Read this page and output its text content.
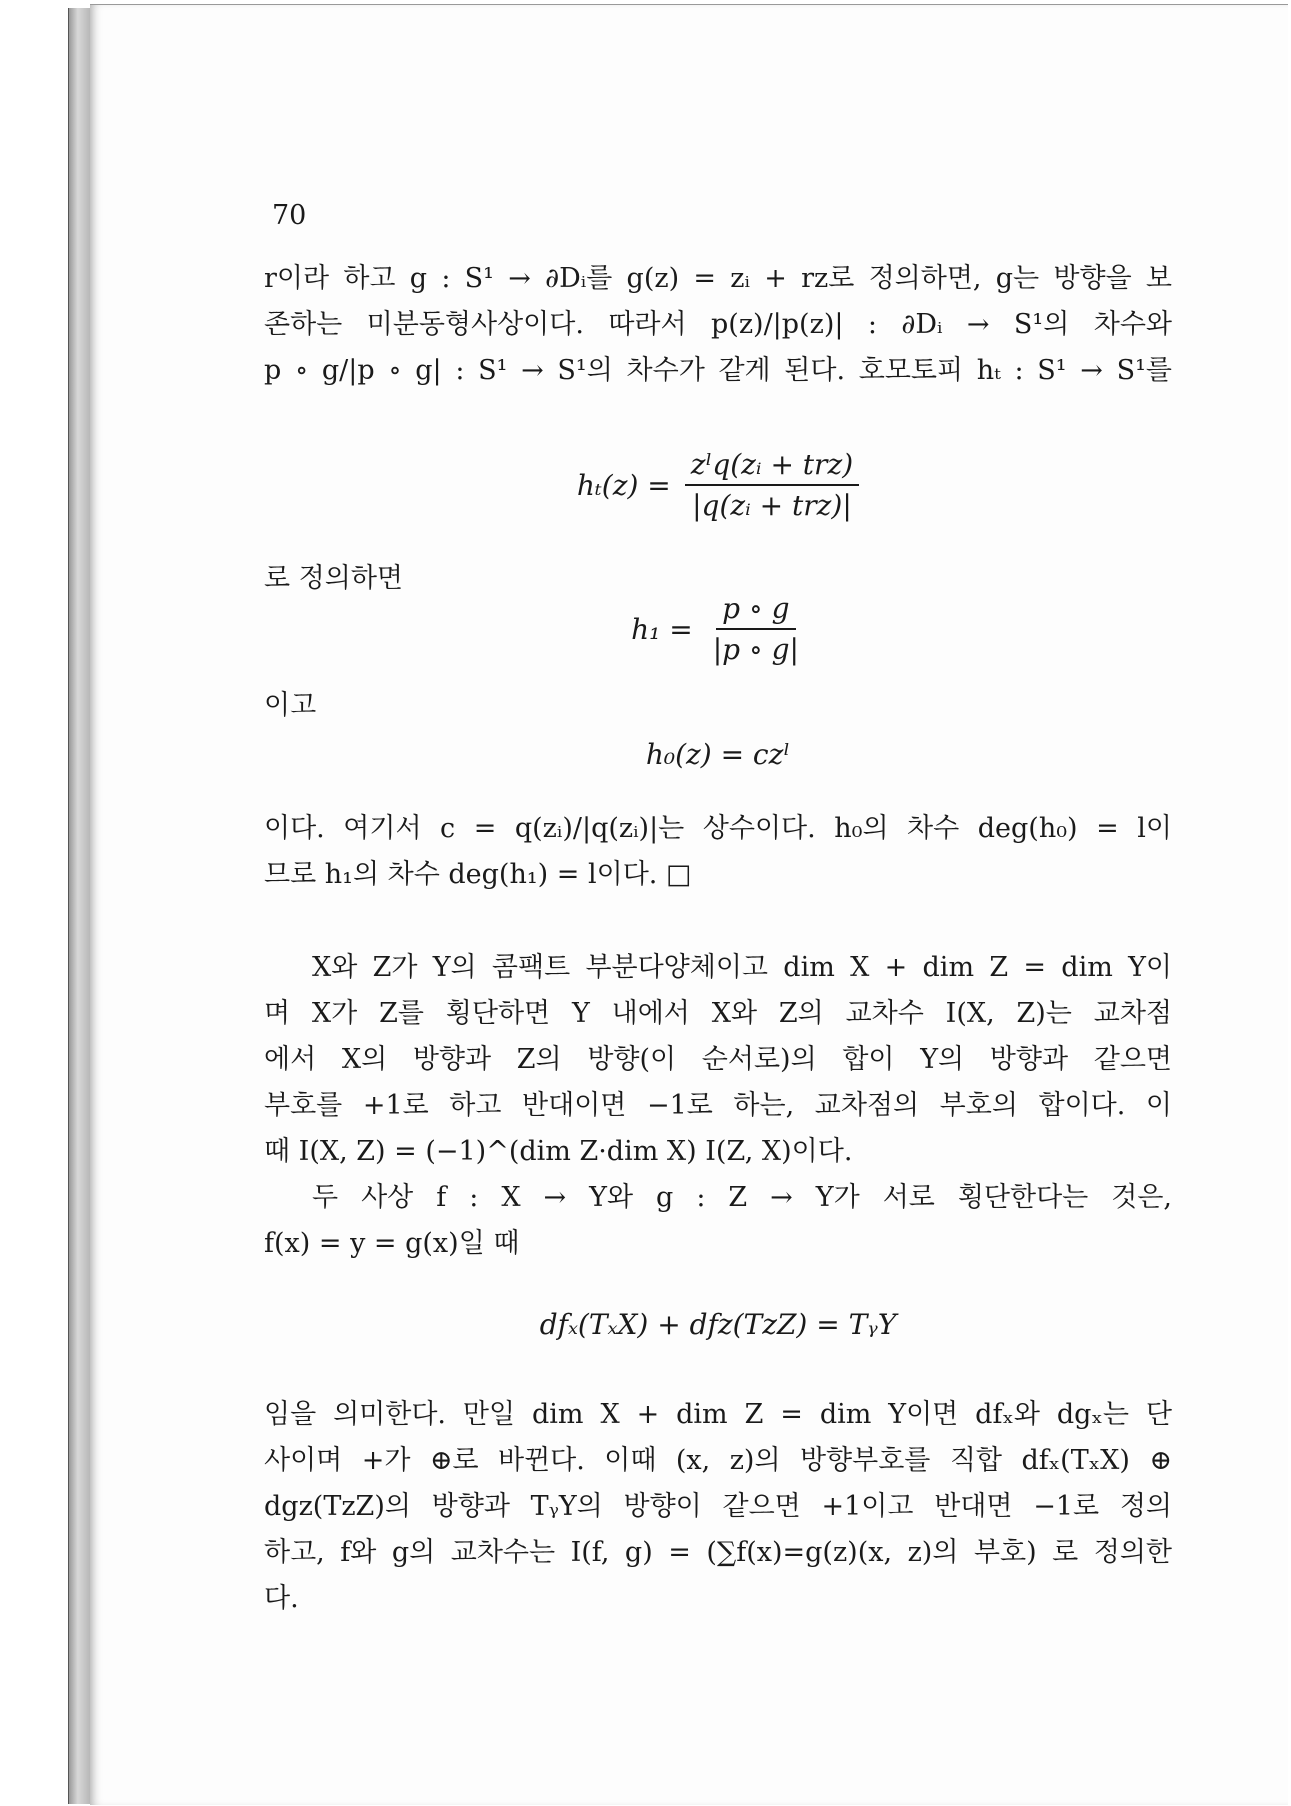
70
r이라 하고 g : S¹ → ∂Dᵢ를 g(z) = zᵢ + rz로 정의하면, g는 방향을 보
존하는 미분동형사상이다. 따라서 p(z)/|p(z)| : ∂Dᵢ → S¹의 차수와
p ∘ g/|p ∘ g| : S¹ → S¹의 차수가 같게 된다. 호모토피 hₜ : S¹ → S¹를
$h_t(z) = \frac{\text{zˡq(zᵢ + trz)}}{\text{|q(zᵢ + trz)|}}$
로 정의하면
$h_1 = \frac{p \circ g}{|p \circ g|}$
이고
h₀(z) = czˡ
이다. 여기서 c = q(zᵢ)/|q(zᵢ)|는 상수이다. h₀의 차수 deg(h₀) = l이
므로 h₁의 차수 deg(h₁) = l이다. □
X와 Z가 Y의 콤팩트 부분다양체이고 dim X + dim Z = dim Y이
며 X가 Z를 횡단하면 Y 내에서 X와 Z의 교차수 I(X, Z)는 교차점
에서 X의 방향과 Z의 방향(이 순서로)의 합이 Y의 방향과 같으면
부호를 +1로 하고 반대이면 −1로 하는, 교차점의 부호의 합이다. 이
때 I(X, Z) = (−1)^(dim Z·dim X) I(Z, X)이다.
두 사상 f : X → Y와 g : Z → Y가 서로 횡단한다는 것은,
f(x) = y = g(x)일 때
dfₓ(TₓX) + dfz(TzZ) = TᵧY
임을 의미한다. 만일 dim X + dim Z = dim Y이면 dfₓ와 dgₓ는 단
사이며 +가 ⊕로 바뀐다. 이때 (x, z)의 방향부호를 직합 dfₓ(TₓX) ⊕
dgz(TzZ)의 방향과 TᵧY의 방향이 같으면 +1이고 반대면 −1로 정의
하고, f와 g의 교차수는 I(f, g) = (∑f(x)=g(z)(x, z)의 부호) 로 정의한
다.
